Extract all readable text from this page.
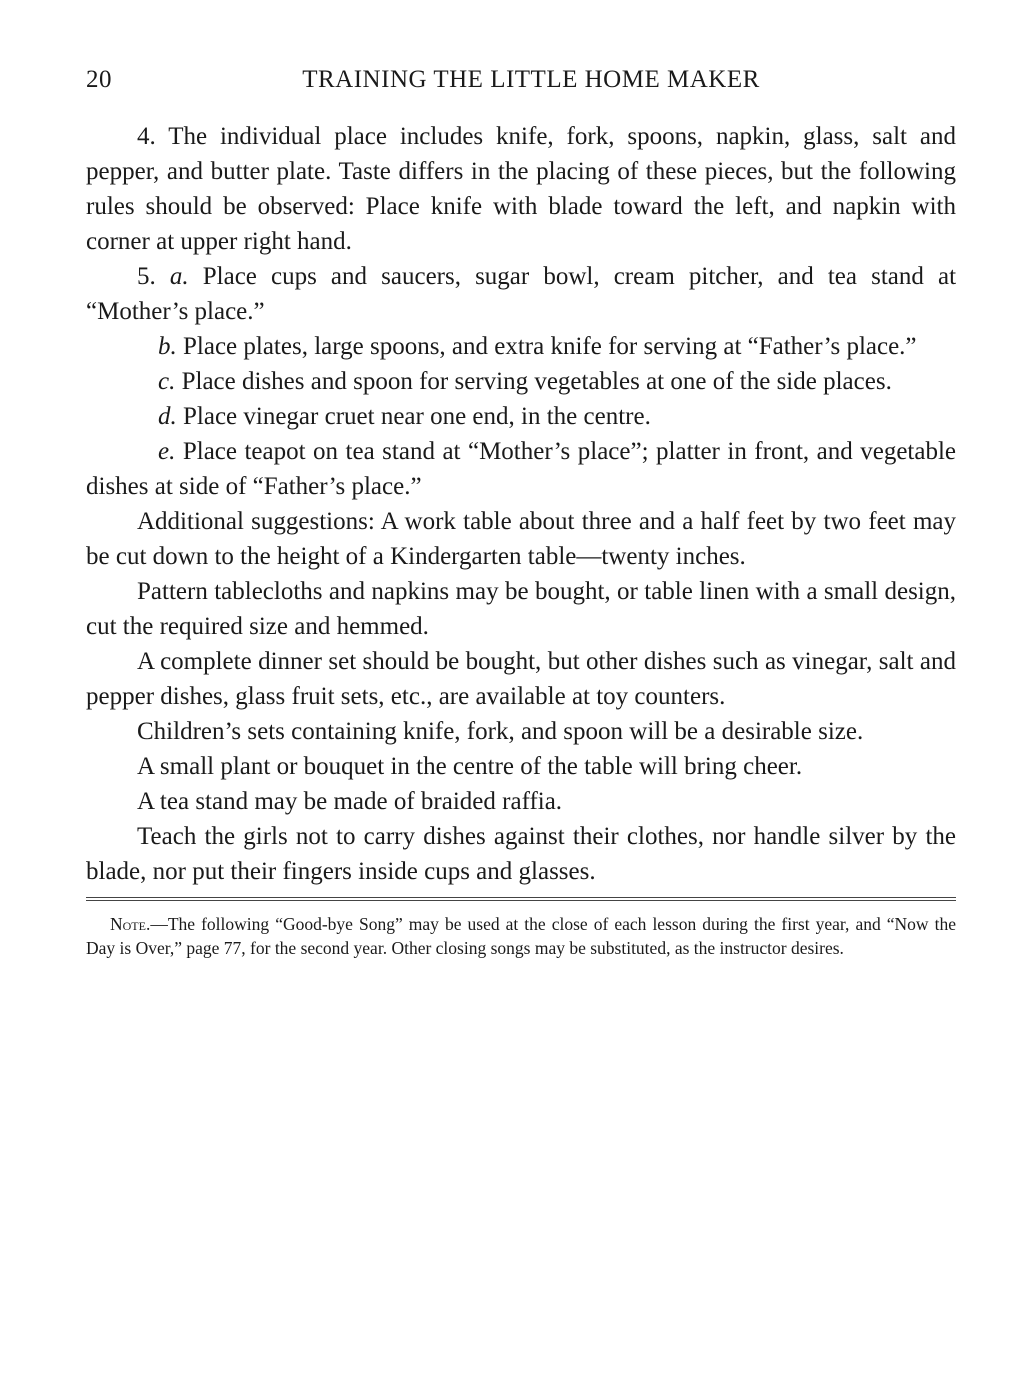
20	TRAINING THE LITTLE HOME MAKER

4. The individual place includes knife, fork, spoons, napkin, glass, salt and pepper, and butter plate. Taste differs in the placing of these pieces, but the following rules should be observed: Place knife with blade toward the left, and napkin with corner at upper right hand.

5. a. Place cups and saucers, sugar bowl, cream pitcher, and tea stand at “Mother’s place.”

b. Place plates, large spoons, and extra knife for serving at “Father’s place.”

c. Place dishes and spoon for serving vegetables at one of the side places.

d. Place vinegar cruet near one end, in the centre.

e. Place teapot on tea stand at “Mother’s place”; platter in front, and vegetable dishes at side of “Father’s place.”

Additional suggestions: A work table about three and a half feet by two feet may be cut down to the height of a Kindergarten table—twenty inches.

Pattern tablecloths and napkins may be bought, or table linen with a small design, cut the required size and hemmed.

A complete dinner set should be bought, but other dishes such as vinegar, salt and pepper dishes, glass fruit sets, etc., are available at toy counters.

Children’s sets containing knife, fork, and spoon will be a desirable size.

A small plant or bouquet in the centre of the table will bring cheer.

A tea stand may be made of braided raffia.

Teach the girls not to carry dishes against their clothes, nor handle silver by the blade, nor put their fingers inside cups and glasses.

Note.—The following “Good-bye Song” may be used at the close of each lesson during the first year, and “Now the Day is Over,” page 77, for the second year. Other closing songs may be substituted, as the instructor desires.
